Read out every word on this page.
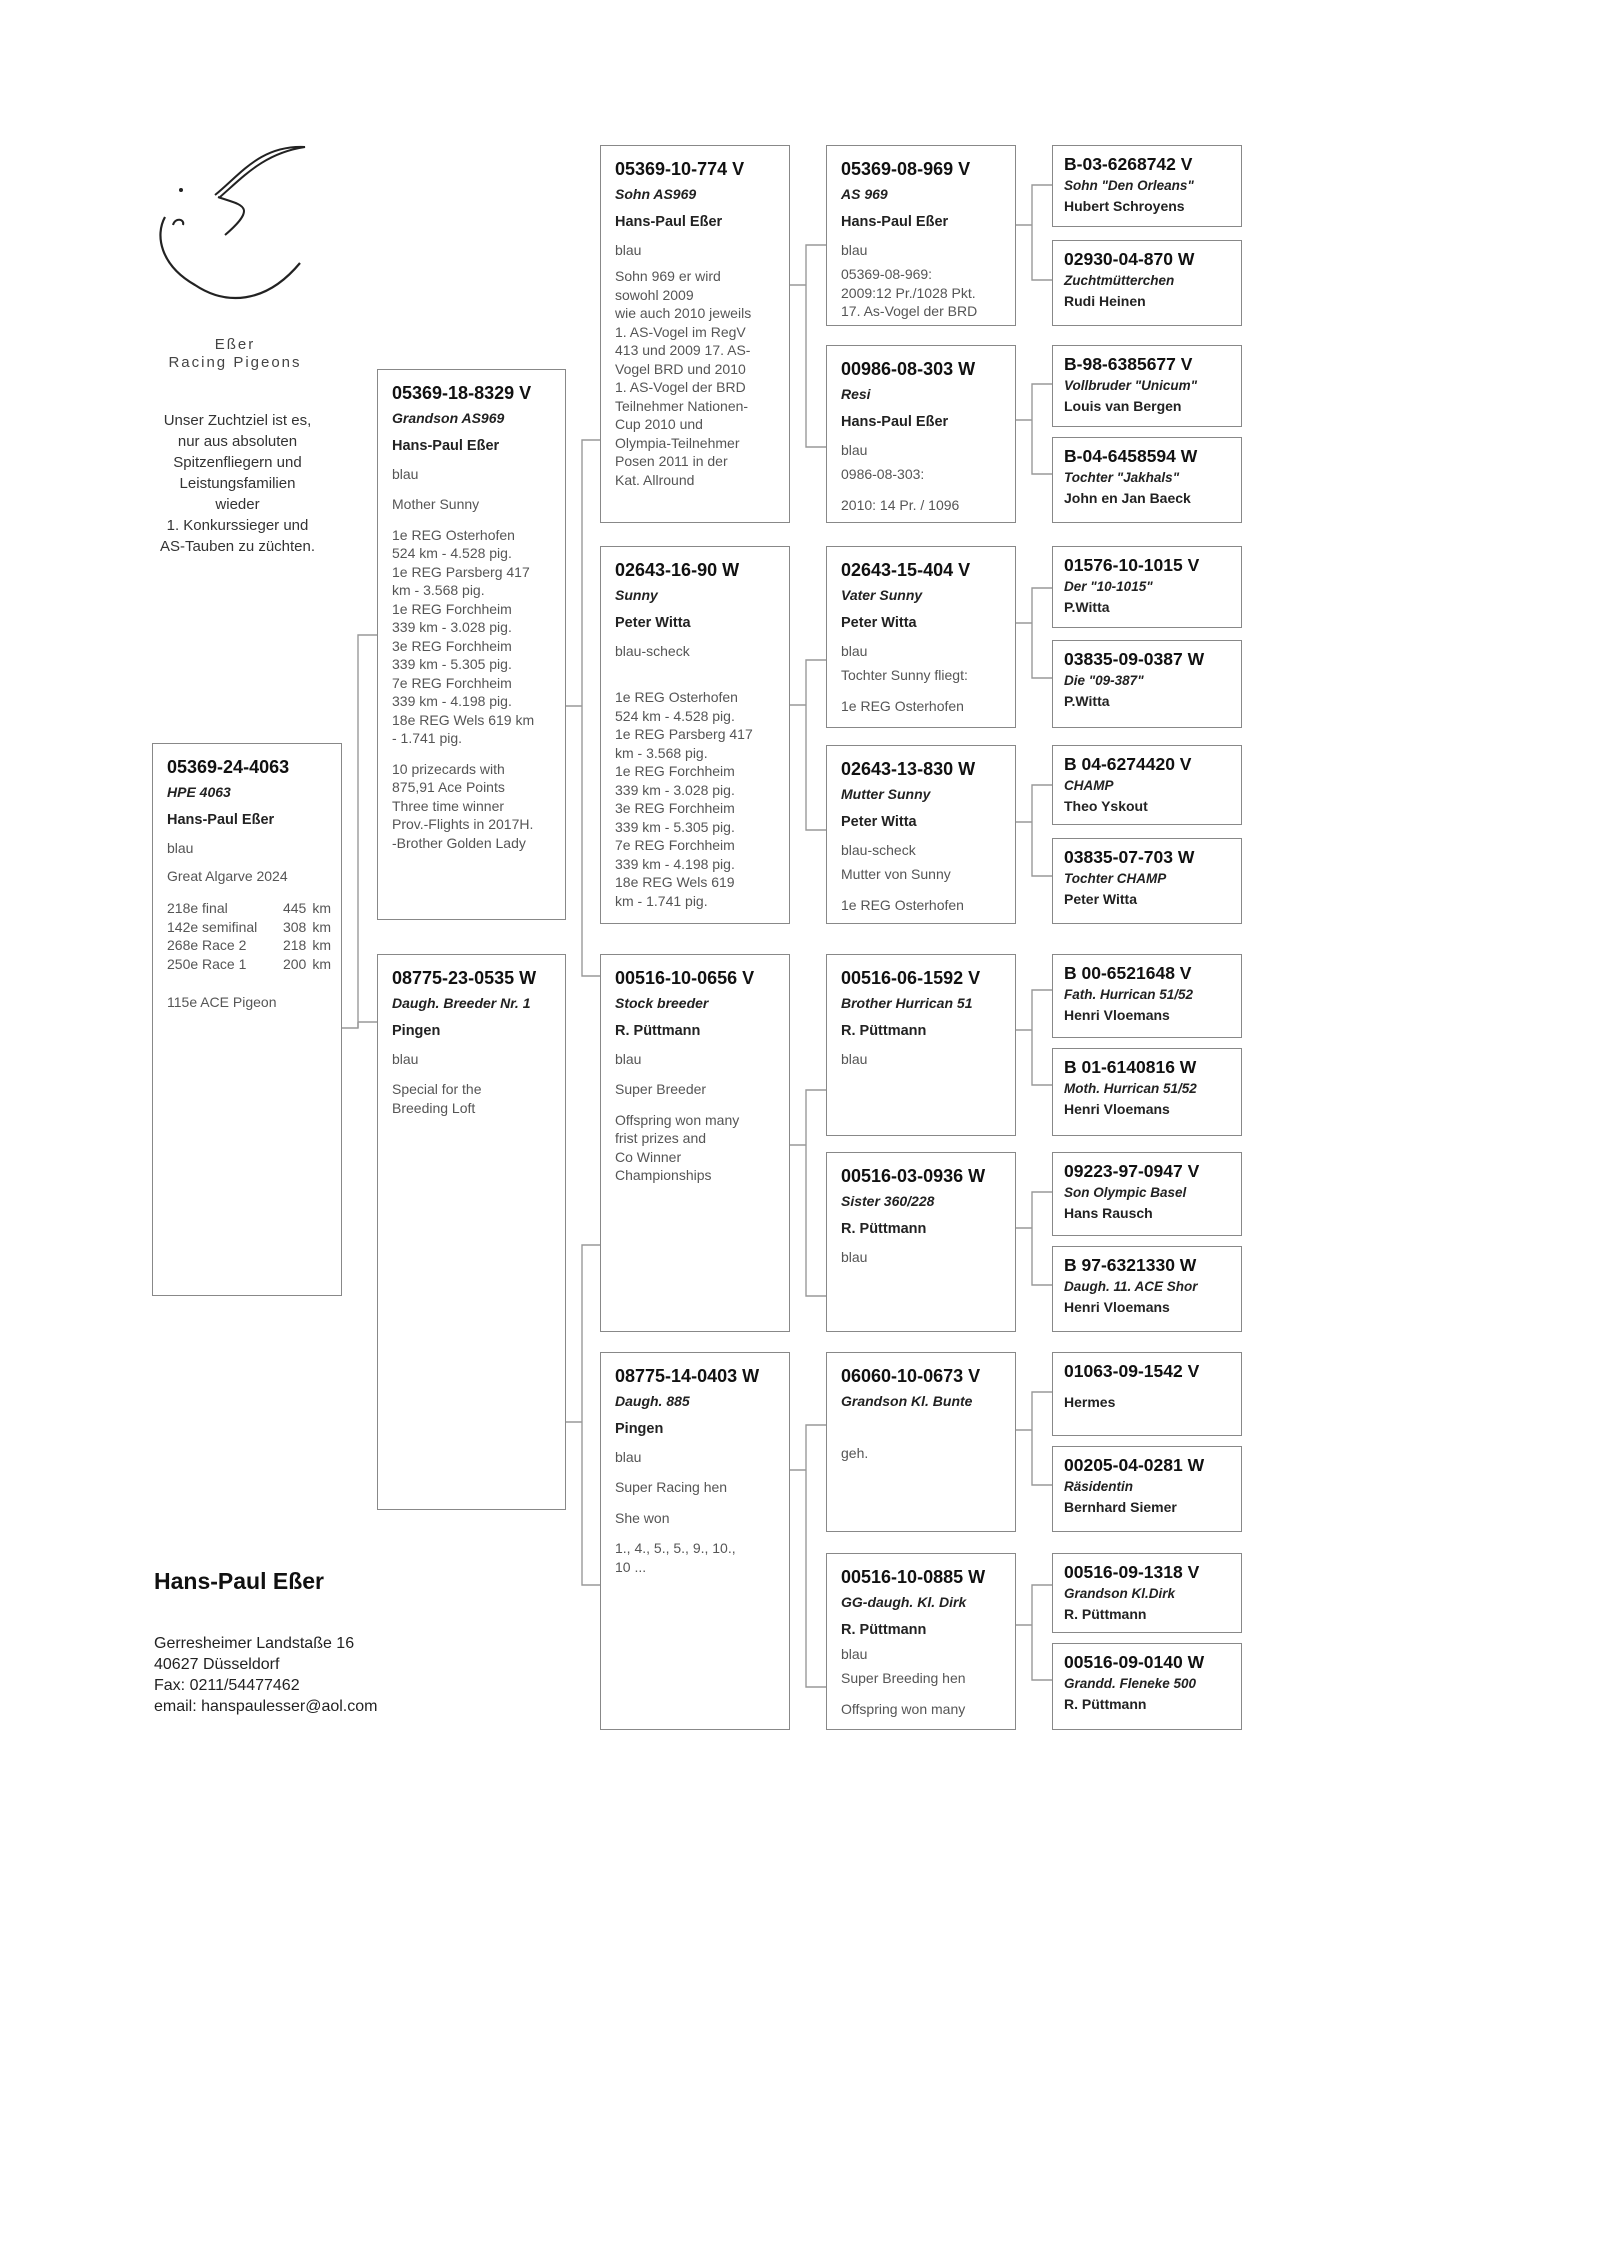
Eßer
Racing Pigeons
Unser Zuchtziel ist es,
nur aus absoluten
Spitzenfliegern und
Leistungsfamilien
wieder
1. Konkurssieger und
AS-Tauben zu züchten.
05369-24-4063
HPE 4063
Hans-Paul Eßer
blau
Great Algarve 2024
218e final	445 km
142e semifinal	308 km
268e Race 2	218 km
250e Race 1	200 km
115e ACE Pigeon
05369-18-8329 V
Grandson AS969
Hans-Paul Eßer
blau
Mother Sunny
1e REG Osterhofen
524 km - 4.528 pig.
1e REG Parsberg 417
km - 3.568 pig.
1e REG Forchheim
339 km - 3.028 pig.
3e REG Forchheim
339 km - 5.305 pig.
7e REG Forchheim
339 km - 4.198 pig.
18e REG Wels 619 km
- 1.741 pig.
10 prizecards with
875,91 Ace Points
Three time winner
Prov.-Flights in 2017H.
-Brother Golden Lady
08775-23-0535 W
Daugh. Breeder Nr. 1
Pingen
blau
Special for the
Breeding Loft
05369-10-774 V
Sohn AS969
Hans-Paul Eßer
blau
Sohn 969 er wird
sowohl 2009
wie auch 2010 jeweils
1. AS-Vogel im RegV
413 und 2009 17. AS-
Vogel BRD und 2010
1. AS-Vogel der BRD
Teilnehmer Nationen-
Cup 2010 und
Olympia-Teilnehmer
Posen 2011 in der
Kat. Allround
02643-16-90 W
Sunny
Peter Witta
blau-scheck
1e REG Osterhofen
524 km - 4.528 pig.
1e REG Parsberg 417
km - 3.568 pig.
1e REG Forchheim
339 km - 3.028 pig.
3e REG Forchheim
339 km - 5.305 pig.
7e REG Forchheim
339 km - 4.198 pig.
18e REG Wels 619
km - 1.741 pig.
00516-10-0656 V
Stock breeder
R. Püttmann
blau
Super Breeder
Offspring won many
frist prizes and
Co Winner
Championships
08775-14-0403 W
Daugh. 885
Pingen
blau
Super Racing hen
She won
1., 4., 5., 5., 9., 10.,
10 ...
05369-08-969 V
AS 969
Hans-Paul Eßer
blau
05369-08-969:
2009:12 Pr./1028 Pkt.
17. As-Vogel der BRD
00986-08-303 W
Resi
Hans-Paul Eßer
blau
0986-08-303:
2010: 14 Pr. / 1096
02643-15-404 V
Vater Sunny
Peter Witta
blau
Tochter Sunny fliegt:
1e REG Osterhofen
02643-13-830 W
Mutter Sunny
Peter Witta
blau-scheck
Mutter von Sunny
1e REG Osterhofen
00516-06-1592 V
Brother Hurrican 51
R. Püttmann
blau
00516-03-0936 W
Sister 360/228
R. Püttmann
blau
06060-10-0673 V
Grandson Kl. Bunte
geh.
00516-10-0885 W
GG-daugh. Kl. Dirk
R. Püttmann
blau
Super Breeding hen
Offspring won many
B-03-6268742 V
Sohn "Den Orleans"
Hubert Schroyens
02930-04-870 W
Zuchtmütterchen
Rudi Heinen
B-98-6385677 V
Vollbruder "Unicum"
Louis van Bergen
B-04-6458594 W
Tochter "Jakhals"
John en Jan Baeck
01576-10-1015 V
Der "10-1015"
P.Witta
03835-09-0387 W
Die "09-387"
P.Witta
B 04-6274420 V
CHAMP
Theo Yskout
03835-07-703 W
Tochter CHAMP
Peter Witta
B 00-6521648 V
Fath. Hurrican 51/52
Henri Vloemans
B 01-6140816 W
Moth. Hurrican 51/52
Henri Vloemans
09223-97-0947 V
Son Olympic Basel
Hans Rausch
B 97-6321330 W
Daugh. 11. ACE Shor
Henri Vloemans
01063-09-1542 V
Hermes
00205-04-0281 W
Räsidentin
Bernhard Siemer
00516-09-1318 V
Grandson Kl.Dirk
R. Püttmann
00516-09-0140 W
Grandd. Fleneke 500
R. Püttmann
Hans-Paul Eßer
Gerresheimer Landstaße 16
40627 Düsseldorf
Fax: 0211/54477462
email: hanspaulesser@aol.com
